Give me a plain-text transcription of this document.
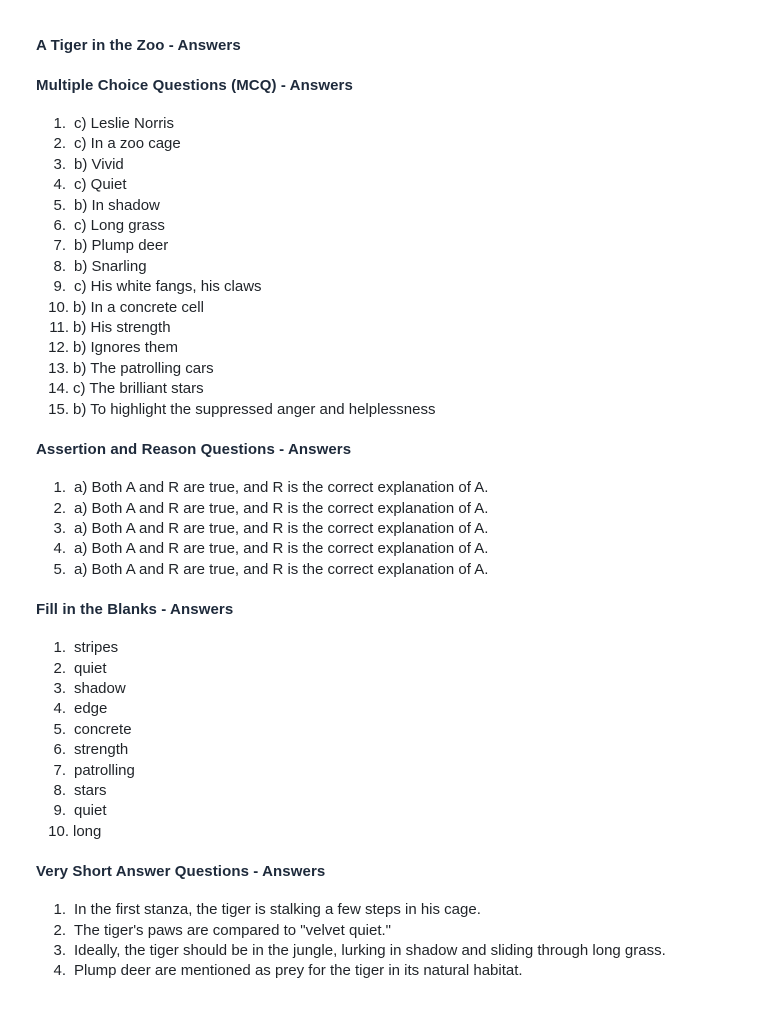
A Tiger in the Zoo - Answers
Multiple Choice Questions (MCQ) - Answers
1. c) Leslie Norris
2. c) In a zoo cage
3. b) Vivid
4. c) Quiet
5. b) In shadow
6. c) Long grass
7. b) Plump deer
8. b) Snarling
9. c) His white fangs, his claws
10. b) In a concrete cell
11. b) His strength
12. b) Ignores them
13. b) The patrolling cars
14. c) The brilliant stars
15. b) To highlight the suppressed anger and helplessness
Assertion and Reason Questions - Answers
1. a) Both A and R are true, and R is the correct explanation of A.
2. a) Both A and R are true, and R is the correct explanation of A.
3. a) Both A and R are true, and R is the correct explanation of A.
4. a) Both A and R are true, and R is the correct explanation of A.
5. a) Both A and R are true, and R is the correct explanation of A.
Fill in the Blanks - Answers
1. stripes
2. quiet
3. shadow
4. edge
5. concrete
6. strength
7. patrolling
8. stars
9. quiet
10. long
Very Short Answer Questions - Answers
1. In the first stanza, the tiger is stalking a few steps in his cage.
2. The tiger's paws are compared to "velvet quiet."
3. Ideally, the tiger should be in the jungle, lurking in shadow and sliding through long grass.
4. Plump deer are mentioned as prey for the tiger in its natural habitat.
